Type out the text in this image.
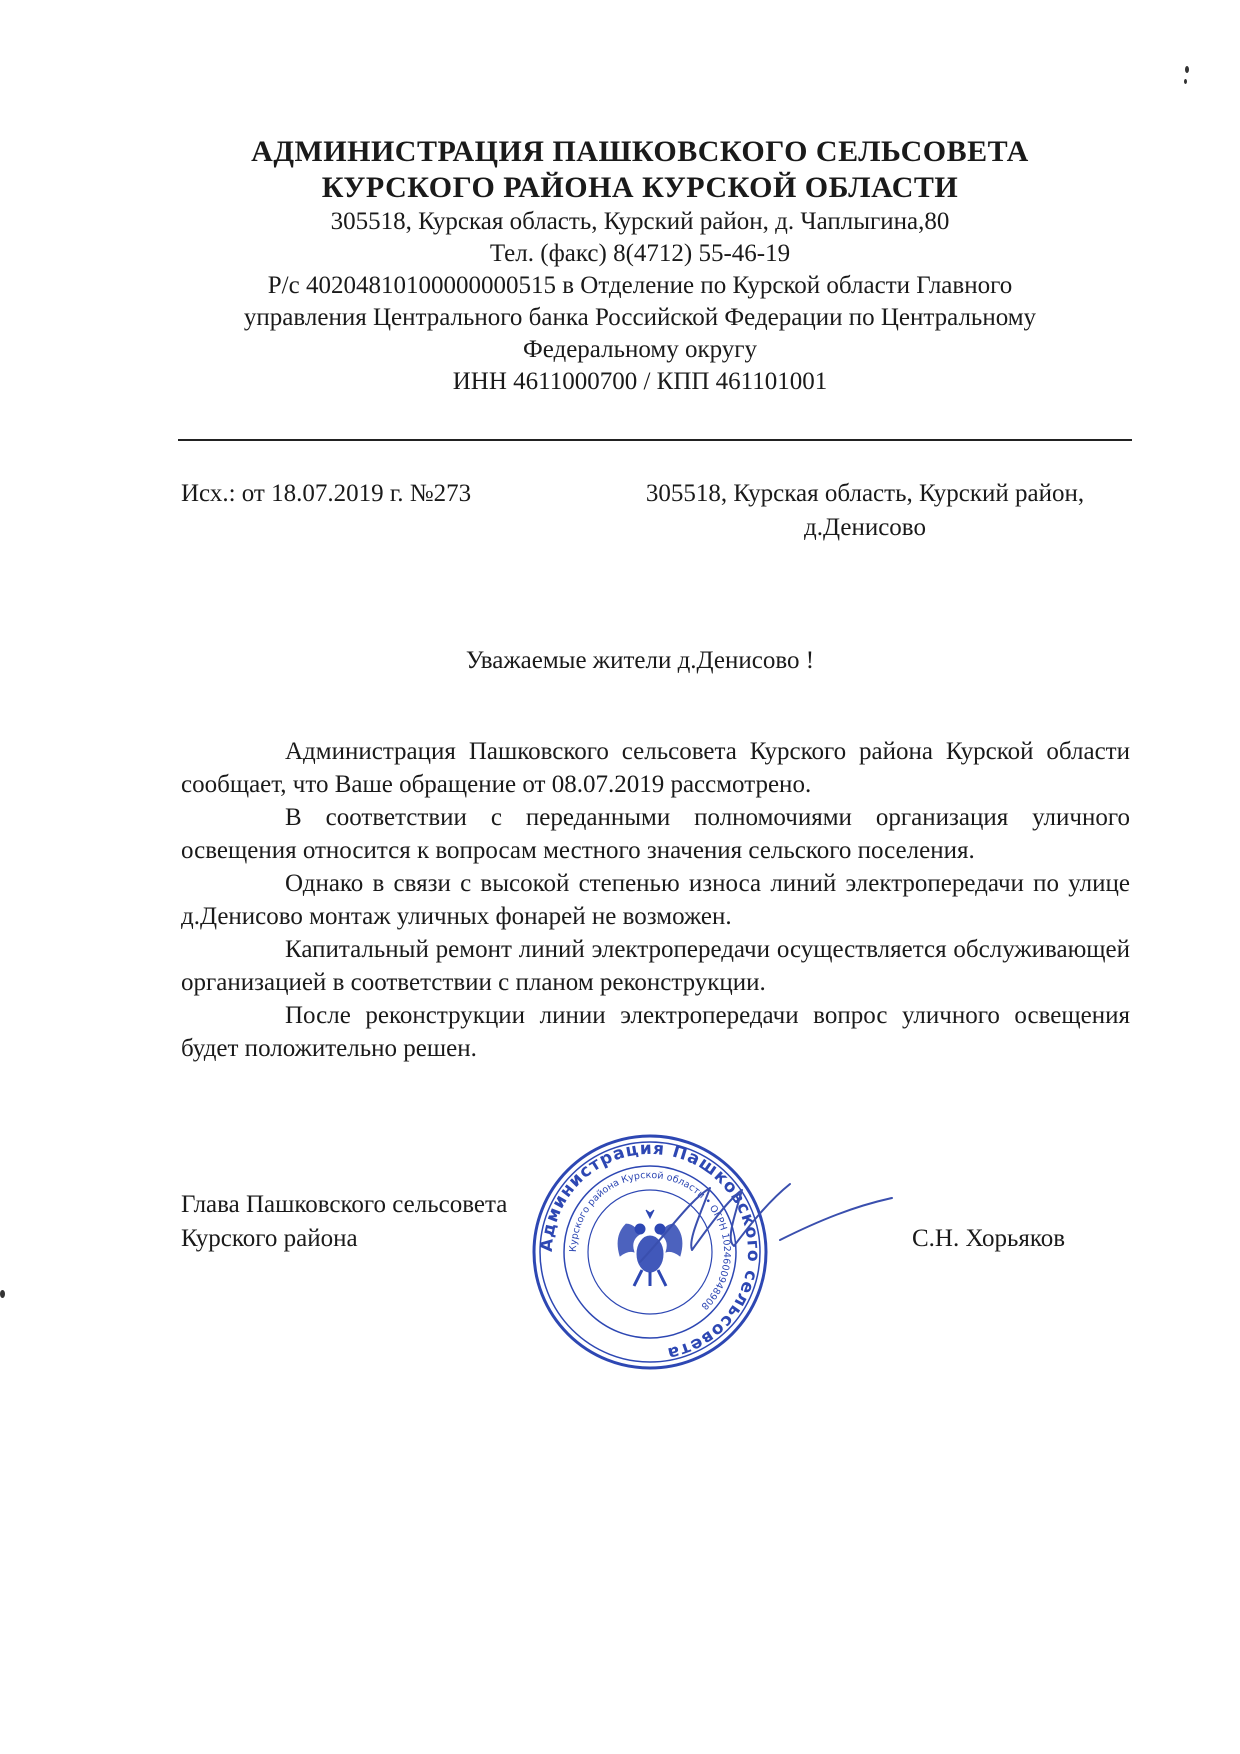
АДМИНИСТРАЦИЯ ПАШКОВСКОГО СЕЛЬСОВЕТА
КУРСКОГО РАЙОНА КУРСКОЙ ОБЛАСТИ
305518, Курская область, Курский район, д. Чаплыгина,80
Тел. (факс) 8(4712) 55-46-19
Р/с 40204810100000000515 в Отделение по Курской области Главного
управления Центрального банка Российской Федерации по Центральному
Федеральному округу
ИНН 4611000700 / КПП 461101001
Исх.: от 18.07.2019 г. №273	305518, Курская область, Курский район,
д.Денисово
Уважаемые жители д.Денисово !

Администрация Пашковского сельсовета Курского района Курской области сообщает, что Ваше обращение от 08.07.2019 рассмотрено.

В соответствии с переданными полномочиями организация уличного освещения относится к вопросам местного значения сельского поселения.

Однако в связи с высокой степенью износа линий электропередачи по улице д.Денисово монтаж уличных фонарей не возможен.

Капитальный ремонт линий электропередачи осуществляется обслуживающей организацией в соответствии с планом реконструкции.

После реконструкции линии электропередачи вопрос уличного освещения будет положительно решен.

Глава Пашковского сельсовета
Курского района	Администрация Пашковского сельсовета
Курского района Курской области • ОГРН 1024600948908
С.Н. Хорьяков
